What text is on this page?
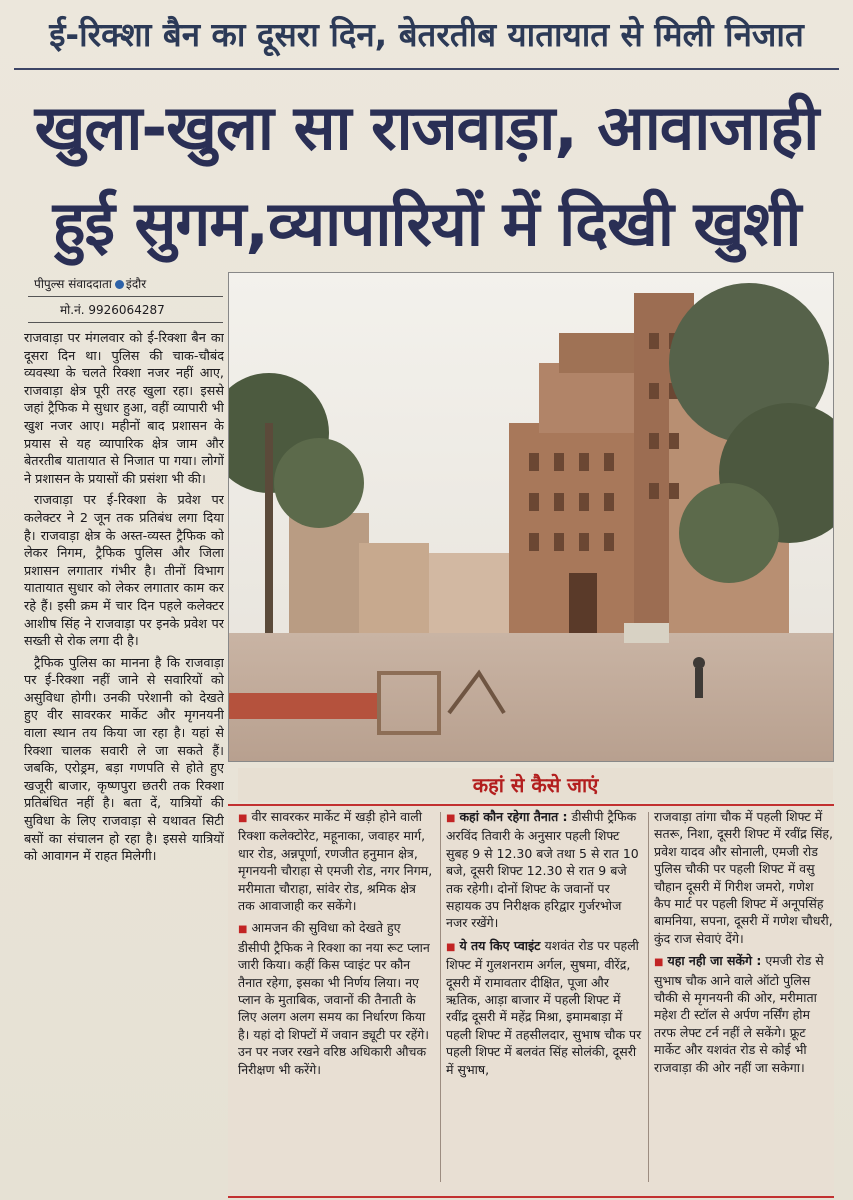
ई-रिक्शा बैन का दूसरा दिन, बेतरतीब यातायात से मिली निजात
खुला-खुला सा राजवाड़ा, आवाजाही
हुई सुगम,व्यापारियों में दिखी खुशी
पीपुल्स संवाददाता इंदौर
मो.नं. 9926064287

राजवाड़ा पर मंगलवार को ई-रिक्शा बैन का दूसरा दिन था। पुलिस की चाक-चौबंद व्यवस्था के चलते रिक्शा नजर नहीं आए, राजवाड़ा क्षेत्र पूरी तरह खुला रहा। इससे जहां ट्रैफिक मे सुधार हुआ, वहीं व्यापारी भी खुश नजर आए। महीनों बाद प्रशासन के प्रयास से यह व्यापारिक क्षेत्र जाम और बेतरतीब यातायात से निजात पा गया। लोगों ने प्रशासन के प्रयासों की प्रसंशा भी की।

राजवाड़ा पर ई-रिक्शा के प्रवेश पर कलेक्टर ने 2 जून तक प्रतिबंध लगा दिया है। राजवाड़ा क्षेत्र के अस्त-व्यस्त ट्रैफिक को लेकर निगम, ट्रैफिक पुलिस और जिला प्रशासन लगातार गंभीर है। तीनों विभाग यातायात सुधार को लेकर लगातार काम कर रहे हैं। इसी क्रम में चार दिन पहले कलेक्टर आशीष सिंह ने राजवाड़ा पर इनके प्रवेश पर सख्ती से रोक लगा दी है।

ट्रैफिक पुलिस का मानना है कि राजवाड़ा पर ई-रिक्शा नहीं जाने से सवारियों को असुविधा होगी। उनकी परेशानी को देखते हुए वीर सावरकर मार्केट और मृगनयनी वाला स्थान तय किया जा रहा है। यहां से रिक्शा चालक सवारी ले जा सकते हैं। जबकि, एरोड्रम, बड़ा गणपति से होते हुए खजूरी बाजार, कृष्णपुरा छतरी तक रिक्शा प्रतिबंधित नहीं है। बता दें, यात्रियों की सुविधा के लिए राजवाड़ा से यथावत सिटी बसों का संचालन हो रहा है। इससे यात्रियों को आवागन में राहत मिलेगी।

कहां से कैसे जाएं

■ वीर सावरकर मार्केट में खड़ी होने वाली रिक्शा कलेक्टोरेट, महूनाका, जवाहर मार्ग, धार रोड, अन्नपूर्णा, रणजीत हनुमान क्षेत्र, मृगनयनी चौराहा से एमजी रोड, नगर निगम, मरीमाता चौराहा, सांवेर रोड, श्रमिक क्षेत्र तक आवाजाही कर सकेंगे।

■ आमजन की सुविधा को देखते हुए डीसीपी ट्रैफिक ने रिक्शा का नया रूट प्लान जारी किया। कहीं किस प्वाइंट पर कौन तैनात रहेगा, इसका भी निर्णय लिया। नए प्लान के मुताबिक, जवानों की तैनाती के लिए अलग अलग समय का निर्धारण किया है। यहां दो शिफ्टों में जवान ड्यूटी पर रहेंगे। उन पर नजर रखने वरिष्ठ अधिकारी औचक निरीक्षण भी करेंगे।

■ कहां कौन रहेगा तैनात : डीसीपी ट्रैफिक अरविंद तिवारी के अनुसार पहली शिफ्ट सुबह 9 से 12.30 बजे तथा 5 से रात 10 बजे, दूसरी शिफ्ट 12.30 से रात 9 बजे तक रहेगी। दोनों शिफ्ट के जवानों पर सहायक उप निरीक्षक हरिद्वार गुर्जरभोज नजर रखेंगे।

■ ये तय किए प्वाइंट यशवंत रोड पर पहली शिफ्ट में गुलशनराम अर्गल, सुषमा, वीरेंद्र, दूसरी में रामावतार दीक्षित, पूजा और ऋतिक, आड़ा बाजार में पहली शिफ्ट में रवींद्र दूसरी में महेंद्र मिश्रा, इमामबाड़ा में पहली शिफ्ट में तहसीलदार, सुभाष चौक पर पहली शिफ्ट में बलवंत सिंह सोलंकी, दूसरी में सुभाष,

राजवाड़ा तांगा चौक में पहली शिफ्ट में सतरू, निशा, दूसरी शिफ्ट में रवींद्र सिंह, प्रवेश यादव और सोनाली, एमजी रोड पुलिस चौकी पर पहली शिफ्ट में वसु चौहान दूसरी में गिरीश जमरो, गणेश कैप मार्ट पर पहली शिफ्ट में अनूपसिंह बामनिया, सपना, दूसरी में गणेश चौधरी, कुंद राज सेवाएं देंगे।

■ यहा नही जा सकेंगे : एमजी रोड से सुभाष चौक आने वाले ऑटो पुलिस चौकी से मृगनयनी की ओर, मरीमाता महेश टी स्टॉल से अर्पण नर्सिंग होम तरफ लेफ्ट टर्न नहीं ले सकेंगे। फ्रूट मार्केट और यशवंत रोड से कोई भी राजवाड़ा की ओर नहीं जा सकेगा।
